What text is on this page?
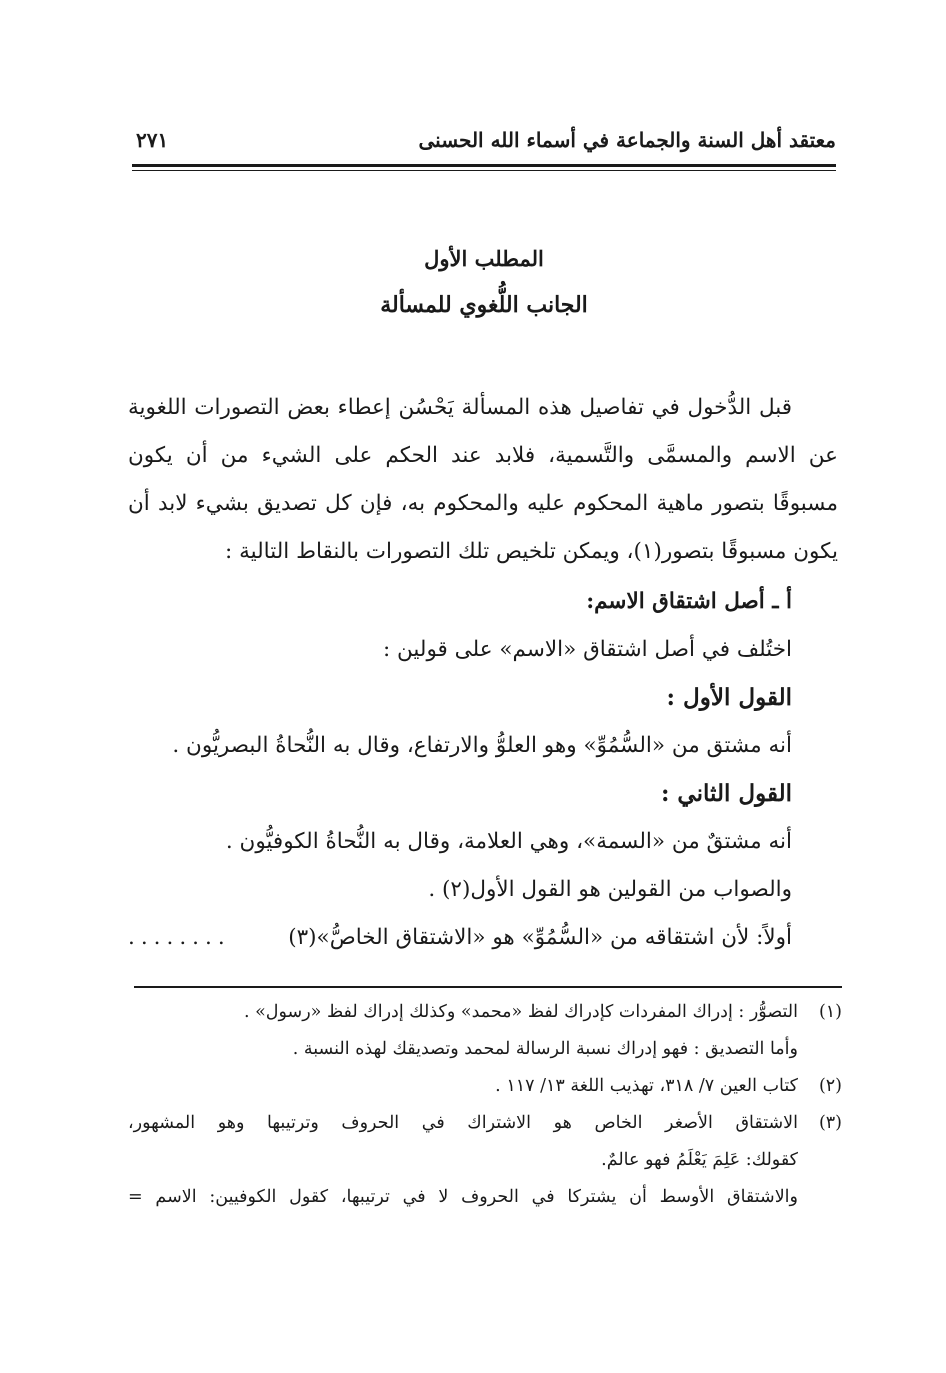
معتقد أهل السنة والجماعة في أسماء الله الحسنى
٢٧١
المطلب الأول
الجانب اللُّغوي للمسألة
قبل الدُّخول في تفاصيل هذه المسألة يَحْسُن إعطاء بعض التصورات اللغوية
عن الاسم والمسمَّى والتَّسمية، فلابد عند الحكم على الشيء من أن يكون
مسبوقًا بتصور ماهية المحكوم عليه والمحكوم به، فإن كل تصديق بشيء لابد أن
يكون مسبوقًا بتصور(١)، ويمكن تلخيص تلك التصورات بالنقاط التالية :
أ ـ أصل اشتقاق الاسم:
اختُلف في أصل اشتقاق «الاسم» على قولين :
القول الأول :
أنه مشتق من «السُّمُوِّ» وهو العلوُّ والارتفاع، وقال به النُّحاةُ البصريُّون .
القول الثاني :
أنه مشتقٌ من «السمة»، وهي العلامة، وقال به النُّحاةُ الكوفيُّون .
والصواب من القولين هو القول الأول(٢) .
أولاً: لأن اشتقاقه من «السُّمُوِّ» هو «الاشتقاق الخاصُّ»(٣)
........
(١)
التصوُّر : إدراك المفردات كإدراك لفظ «محمد» وكذلك إدراك لفظ «رسول» .
وأما التصديق : فهو إدراك نسبة الرسالة لمحمد وتصديقك لهذه النسبة .
(٢)
كتاب العين ٧/ ٣١٨، تهذيب اللغة ١٣/ ١١٧ .
(٣)
الاشتقاق الأصغر الخاص هو الاشتراك في الحروف وترتيبها وهو المشهور،
كقولك: عَلِمَ يَعْلَمُ فهو عالمٌ.
والاشتقاق الأوسط أن يشتركا في الحروف لا في ترتيبها، كقول الكوفيين: الاسم =
